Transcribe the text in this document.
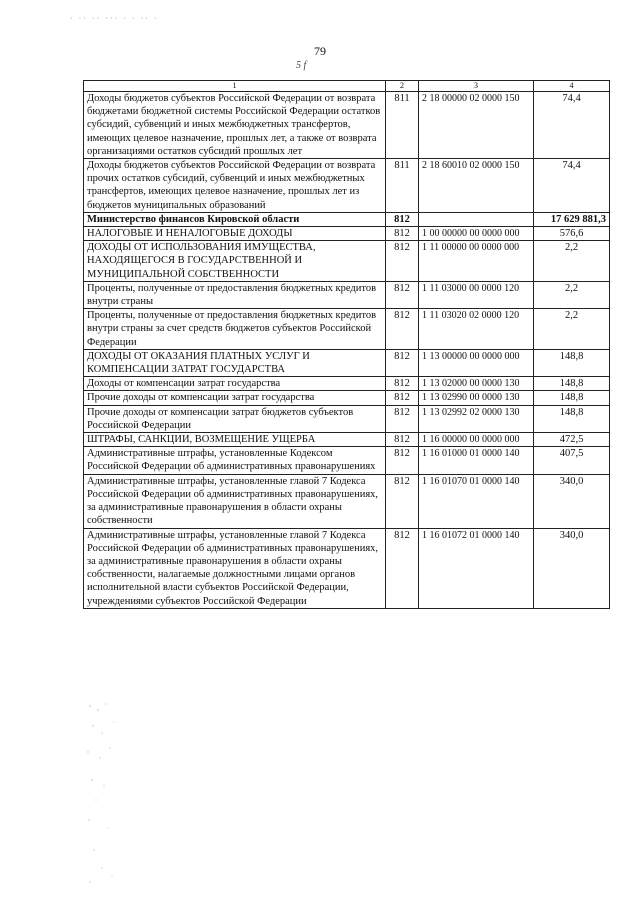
· ·· ·· ··· · · ·· ·
79
5 f
1	2	3	4
Доходы бюджетов субъектов Российской Федерации от возврата бюджетами бюджетной системы Российской Федерации остатков субсидий, субвенций и иных межбюджетных трансфертов, имеющих целевое назначение, прошлых лет, а также от возврата организациями остатков субсидий прошлых лет	811	2 18 00000 02 0000 150	74,4
Доходы бюджетов субъектов Российской Федерации от возврата прочих остатков субсидий, субвенций и иных межбюджетных трансфертов, имеющих целевое назначение, прошлых лет из бюджетов муниципальных образований	811	2 18 60010 02 0000 150	74,4
Министерство финансов Кировской области	812		17 629 881,3
НАЛОГОВЫЕ И НЕНАЛОГОВЫЕ ДОХОДЫ	812	1 00 00000 00 0000 000	576,6
ДОХОДЫ ОТ ИСПОЛЬЗОВАНИЯ ИМУЩЕСТВА, НАХОДЯЩЕГОСЯ В ГОСУДАРСТВЕННОЙ И МУНИЦИПАЛЬНОЙ СОБСТВЕННОСТИ	812	1 11 00000 00 0000 000	2,2
Проценты, полученные от предоставления бюджетных кредитов внутри страны	812	1 11 03000 00 0000 120	2,2
Проценты, полученные от предоставления бюджетных кредитов внутри страны за счет средств бюджетов субъектов Российской Федерации	812	1 11 03020 02 0000 120	2,2
ДОХОДЫ ОТ ОКАЗАНИЯ ПЛАТНЫХ УСЛУГ И КОМПЕНСАЦИИ ЗАТРАТ ГОСУДАРСТВА	812	1 13 00000 00 0000 000	148,8
Доходы от компенсации затрат государства	812	1 13 02000 00 0000 130	148,8
Прочие доходы от компенсации затрат государства	812	1 13 02990 00 0000 130	148,8
Прочие доходы от компенсации затрат бюджетов субъектов Российской Федерации	812	1 13 02992 02 0000 130	148,8
ШТРАФЫ, САНКЦИИ, ВОЗМЕЩЕНИЕ УЩЕРБА	812	1 16 00000 00 0000 000	472,5
Административные штрафы, установленные Кодексом Российской Федерации об административных правонарушениях	812	1 16 01000 01 0000 140	407,5
Административные штрафы, установленные главой 7 Кодекса Российской Федерации об административных правонарушениях, за административные правонарушения в области охраны собственности	812	1 16 01070 01 0000 140	340,0
Административные штрафы, установленные главой 7 Кодекса Российской Федерации об административных правонарушениях, за административные правонарушения в области охраны собственности, налагаемые должностными лицами органов исполнительной власти субъектов Российской Федерации, учреждениями субъектов Российской Федерации	812	1 16 01072 01 0000 140	340,0
